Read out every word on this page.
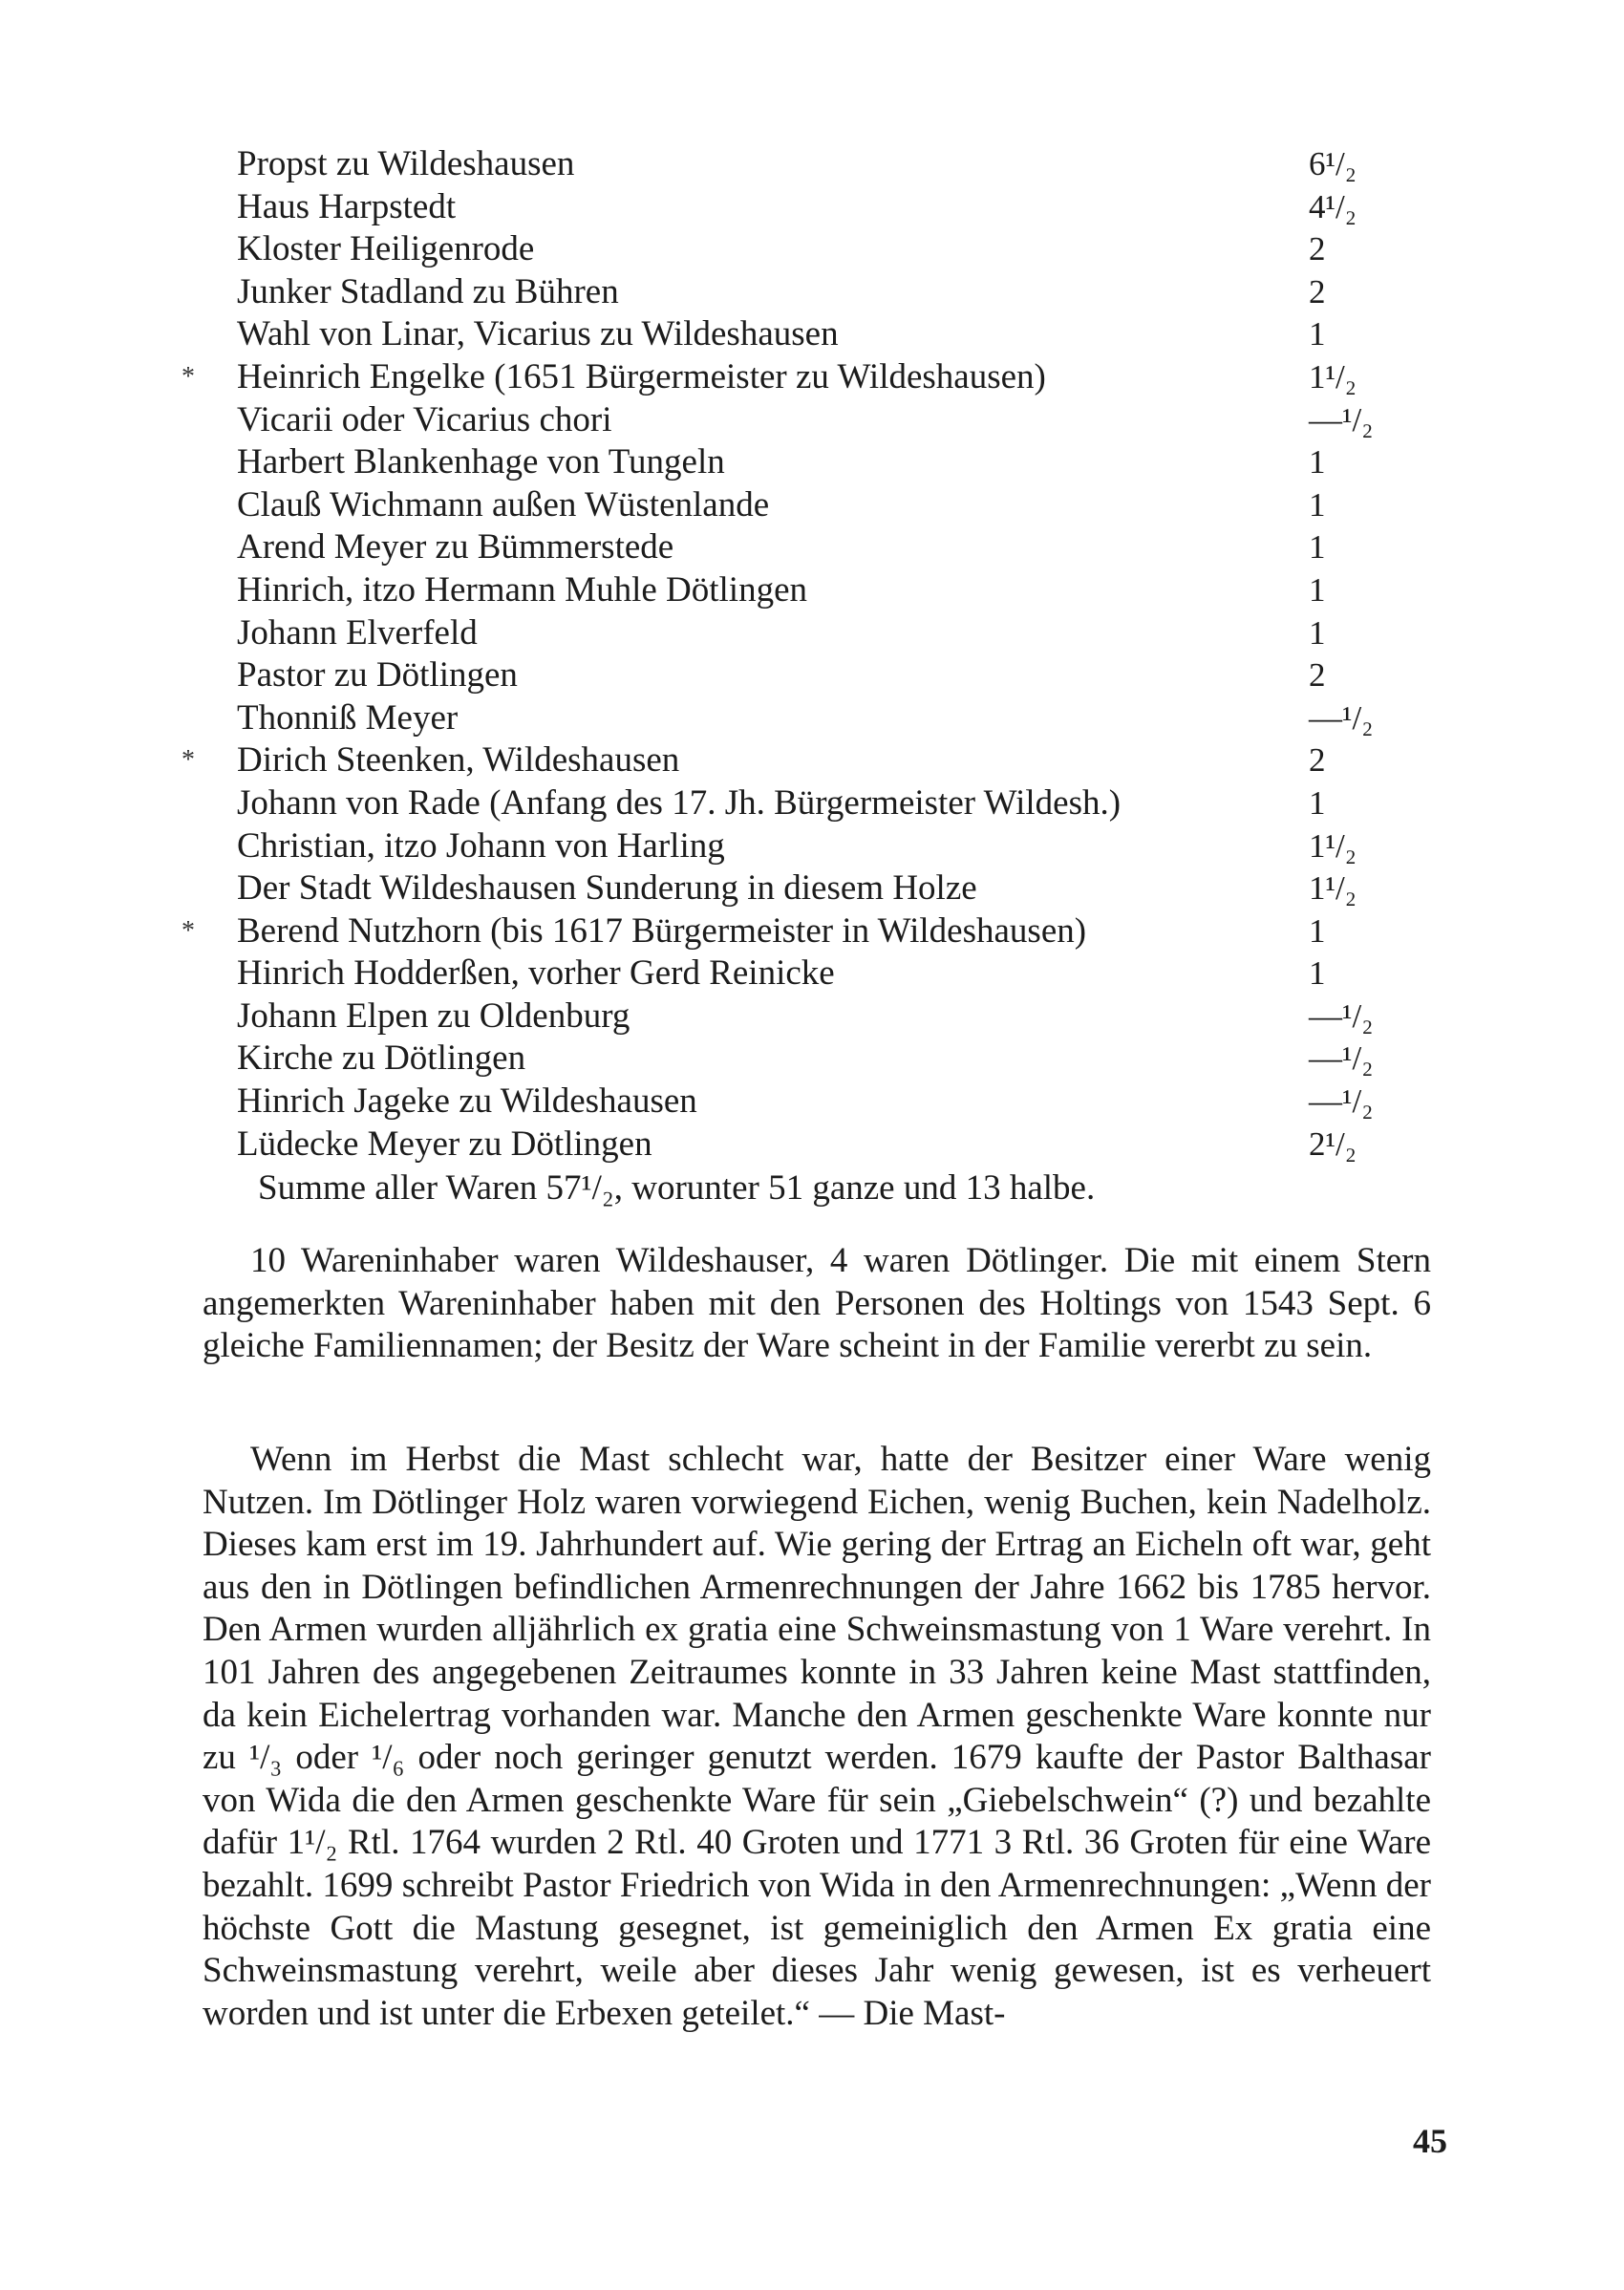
Propst zu Wildeshausen	6¹/₂
Haus Harpstedt	4¹/₂
Kloster Heiligenrode	2
Junker Stadland zu Bühren	2
Wahl von Linar, Vicarius zu Wildeshausen	1
*	Heinrich Engelke (1651 Bürgermeister zu Wildeshausen)	1¹/₂
Vicarii oder Vicarius chori	—¹/₂
Harbert Blankenhage von Tungeln	1
Clauß Wichmann außen Wüstenlande	1
Arend Meyer zu Bümmerstede	1
Hinrich, itzo Hermann Muhle Dötlingen	1
Johann Elverfeld	1
Pastor zu Dötlingen	2
Thonniß Meyer	—¹/₂
*	Dirich Steenken, Wildeshausen	2
Johann von Rade (Anfang des 17. Jh. Bürgermeister Wildesh.)	1
Christian, itzo Johann von Harling	1¹/₂
Der Stadt Wildeshausen Sunderung in diesem Holze	1¹/₂
*	Berend Nutzhorn (bis 1617 Bürgermeister in Wildeshausen)	1
Hinrich Hodderßen, vorher Gerd Reinicke	1
Johann Elpen zu Oldenburg	—¹/₂
Kirche zu Dötlingen	—¹/₂
Hinrich Jageke zu Wildeshausen	—¹/₂
Lüdecke Meyer zu Dötlingen	2¹/₂
Summe aller Waren 57¹/₂, worunter 51 ganze und 13 halbe.

10 Wareninhaber waren Wildeshauser, 4 waren Dötlinger. Die mit einem Stern angemerkten Wareninhaber haben mit den Personen des Holtings von 1543 Sept. 6 gleiche Familiennamen; der Besitz der Ware scheint in der Familie vererbt zu sein.

Wenn im Herbst die Mast schlecht war, hatte der Besitzer einer Ware wenig Nutzen. Im Dötlinger Holz waren vorwiegend Eichen, wenig Buchen, kein Nadelholz. Dieses kam erst im 19. Jahrhundert auf. Wie gering der Ertrag an Eicheln oft war, geht aus den in Dötlingen befindlichen Armenrechnungen der Jahre 1662 bis 1785 hervor. Den Armen wurden alljährlich ex gratia eine Schweinsmastung von 1 Ware verehrt. In 101 Jahren des angegebenen Zeitraumes konnte in 33 Jahren keine Mast stattfinden, da kein Eichelertrag vorhanden war. Manche den Armen geschenkte Ware konnte nur zu ¹/₃ oder ¹/₆ oder noch geringer genutzt werden. 1679 kaufte der Pastor Balthasar von Wida die den Armen geschenkte Ware für sein „Giebelschwein“ (?) und bezahlte dafür 1¹/₂ Rtl. 1764 wurden 2 Rtl. 40 Groten und 1771 3 Rtl. 36 Groten für eine Ware bezahlt. 1699 schreibt Pastor Friedrich von Wida in den Armenrechnungen: „Wenn der höchste Gott die Mastung gesegnet, ist gemeiniglich den Armen Ex gratia eine Schweinsmastung verehrt, weile aber dieses Jahr wenig gewesen, ist es verheuert worden und ist unter die Erbexen geteilet.“ — Die Mast-

45
